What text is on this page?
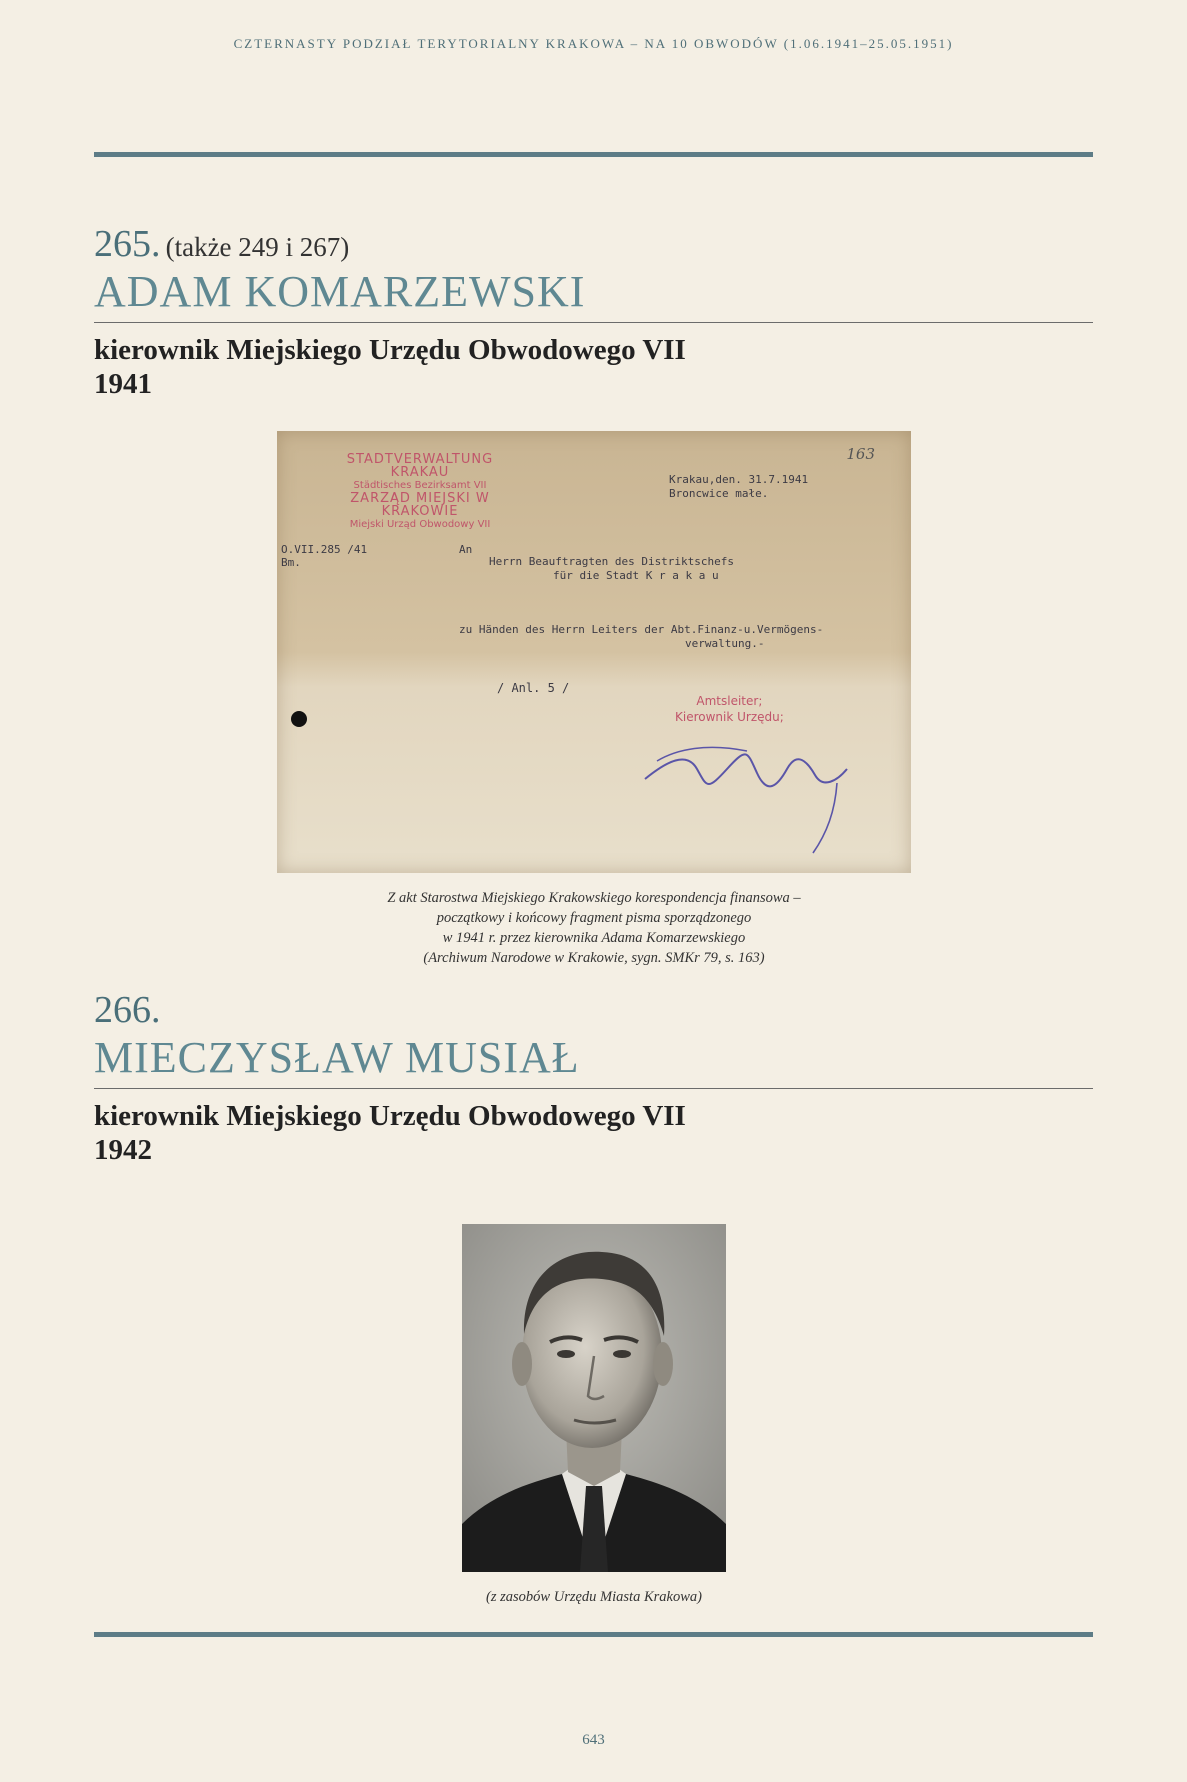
CZTERNASTY PODZIAŁ TERYTORIALNY KRAKOWA – NA 10 OBWODÓW (1.06.1941–25.05.1951)
265. (także 249 i 267)
ADAM KOMARZEWSKI
kierownik Miejskiego Urzędu Obwodowego VII
1941
STADTVERWALTUNG KRAKAU
Städtisches Bezirksamt VII
ZARZĄD MIEJSKI W KRAKOWIE
Miejski Urząd Obwodowy VII
163
Krakau,den. 31.7.1941
Broncwice małe.
O.VII.285 /41
Bm.
An
Herrn Beauftragten des Distriktschefs
für die Stadt K r a k a u
zu Händen des Herrn Leiters der Abt.Finanz-u.Vermögens-
verwaltung.-
/ Anl. 5 /
Amtsleiter;
Kierownik Urzędu;
Z akt Starostwa Miejskiego Krakowskiego korespondencja finansowa –
początkowy i końcowy fragment pisma sporządzonego
w 1941 r. przez kierownika Adama Komarzewskiego
(Archiwum Narodowe w Krakowie, sygn. SMKr 79, s. 163)
266.
MIECZYSŁAW MUSIAŁ
kierownik Miejskiego Urzędu Obwodowego VII
1942
(z zasobów Urzędu Miasta Krakowa)
643
